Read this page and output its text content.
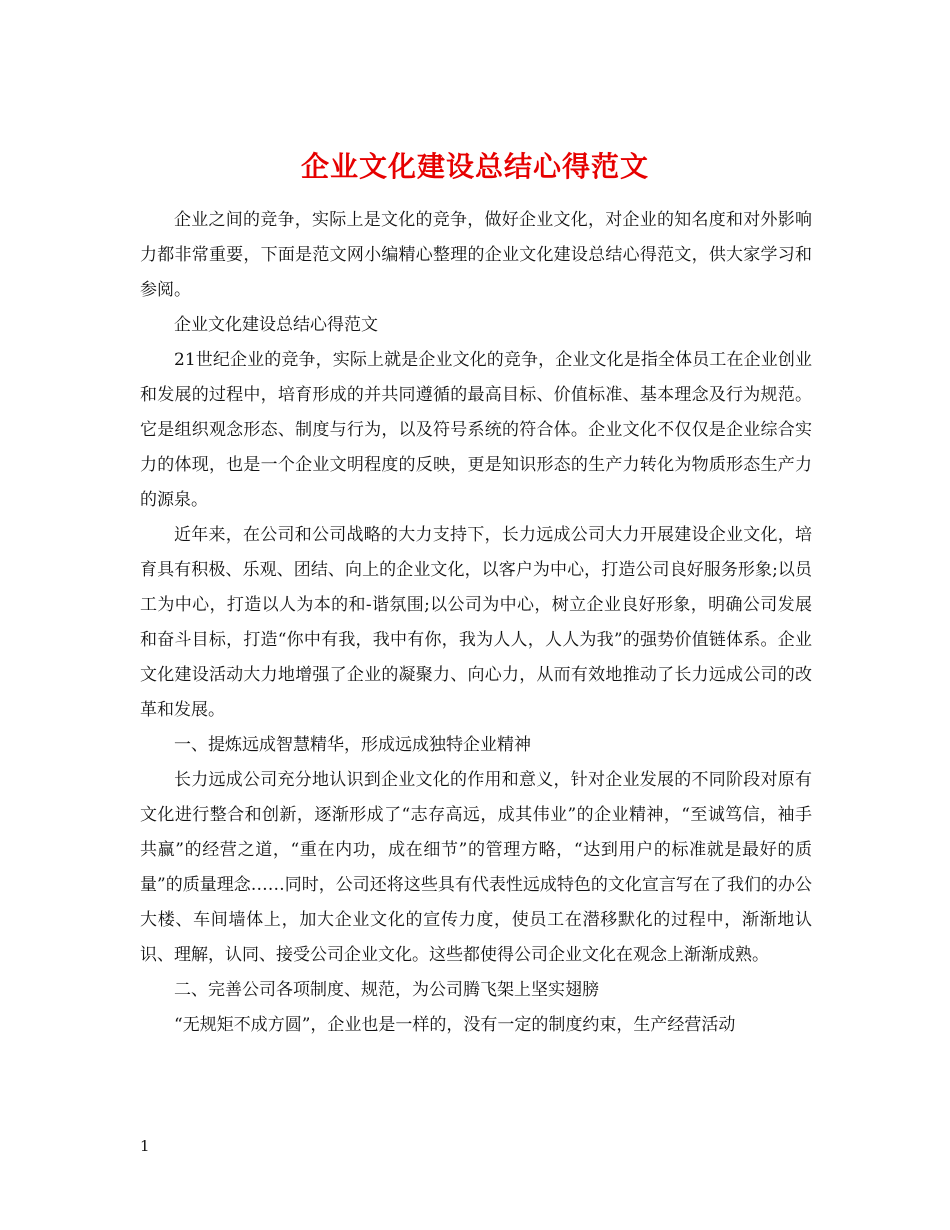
企业文化建设总结心得范文

企业之间的竞争，实际上是文化的竞争，做好企业文化，对企业的知名度和对外影响力都非常重要，下面是范文网小编精心整理的企业文化建设总结心得范文，供大家学习和参阅。

企业文化建设总结心得范文

21世纪企业的竞争，实际上就是企业文化的竞争，企业文化是指全体员工在企业创业和发展的过程中，培育形成的并共同遵循的最高目标、价值标准、基本理念及行为规范。它是组织观念形态、制度与行为，以及符号系统的符合体。企业文化不仅仅是企业综合实力的体现，也是一个企业文明程度的反映，更是知识形态的生产力转化为物质形态生产力的源泉。

近年来，在公司和公司战略的大力支持下，长力远成公司大力开展建设企业文化，培育具有积极、乐观、团结、向上的企业文化，以客户为中心，打造公司良好服务形象;以员工为中心，打造以人为本的和-谐氛围;以公司为中心，树立企业良好形象，明确公司发展和奋斗目标，打造“你中有我，我中有你，我为人人，人人为我”的强势价值链体系。企业文化建设活动大力地增强了企业的凝聚力、向心力，从而有效地推动了长力远成公司的改革和发展。

一、提炼远成智慧精华，形成远成独特企业精神

长力远成公司充分地认识到企业文化的作用和意义，针对企业发展的不同阶段对原有文化进行整合和创新，逐渐形成了“志存高远，成其伟业”的企业精神，“至诚笃信，袖手共赢”的经营之道，“重在内功，成在细节”的管理方略，“达到用户的标准就是最好的质量”的质量理念……同时，公司还将这些具有代表性远成特色的文化宣言写在了我们的办公大楼、车间墙体上，加大企业文化的宣传力度，使员工在潜移默化的过程中，渐渐地认识、理解，认同、接受公司企业文化。这些都使得公司企业文化在观念上渐渐成熟。

二、完善公司各项制度、规范，为公司腾飞架上坚实翅膀

“无规矩不成方圆”，企业也是一样的，没有一定的制度约束，生产经营活动

1
